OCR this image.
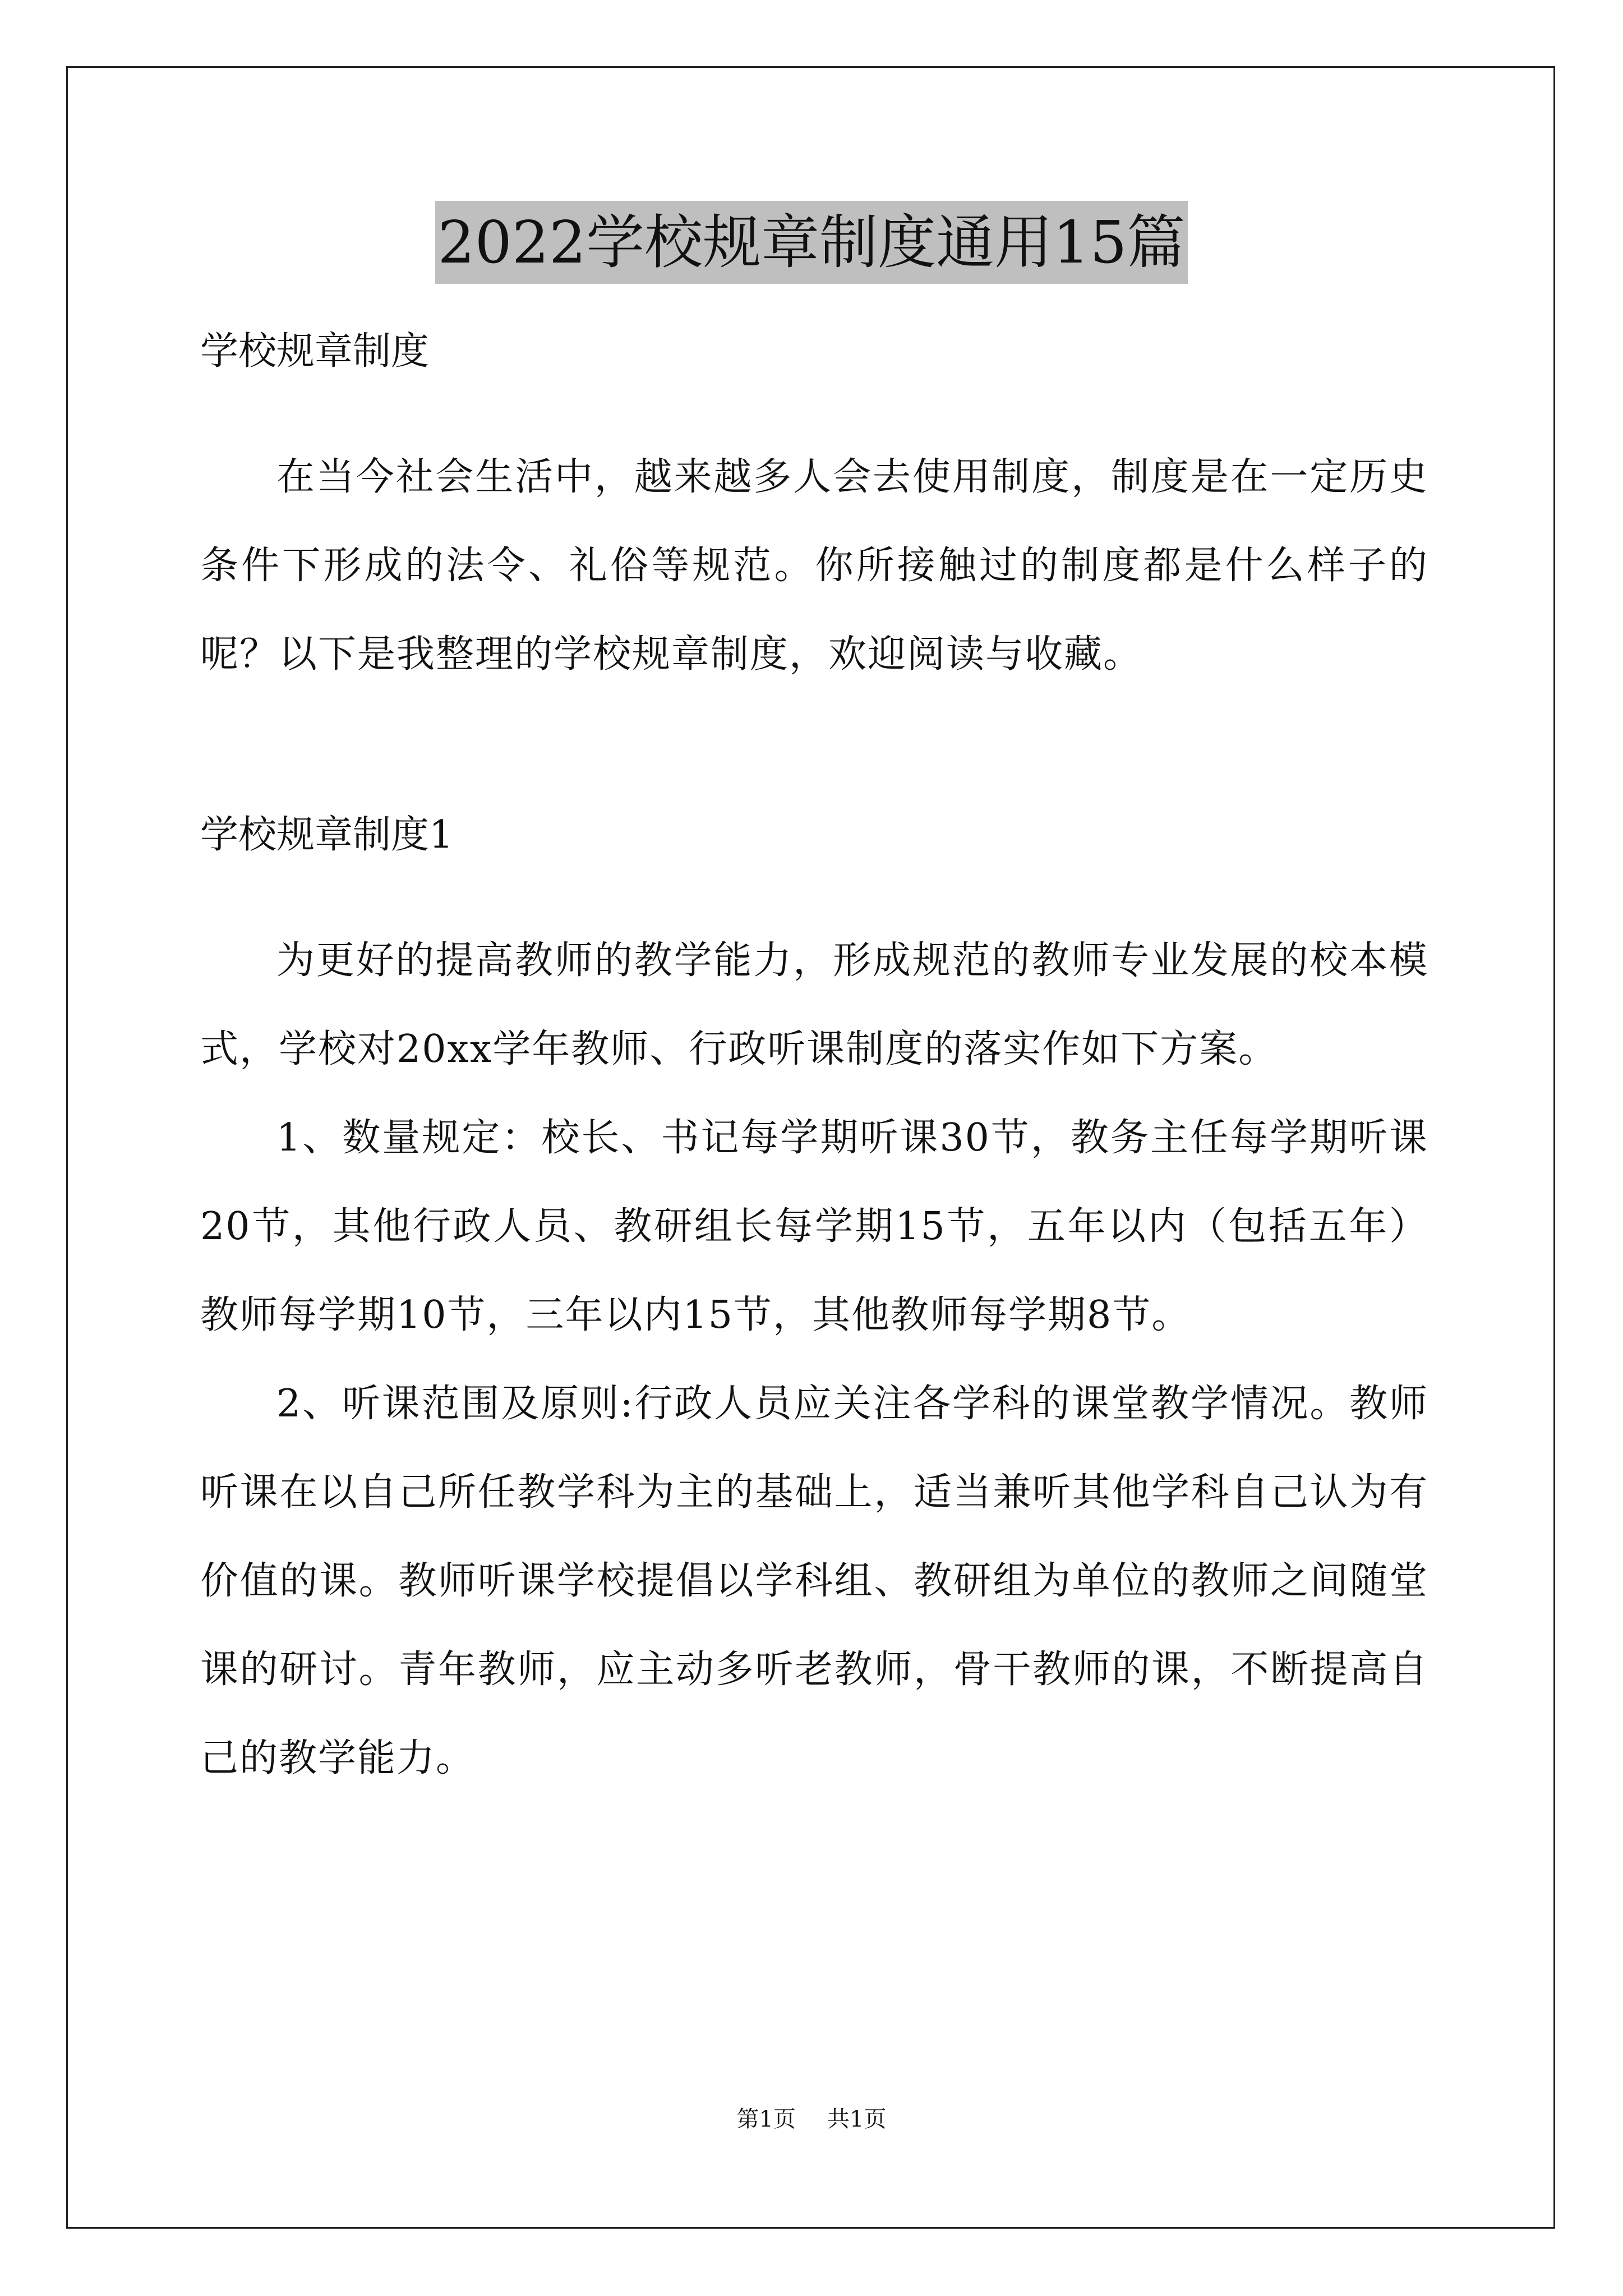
2022学校规章制度通用15篇
学校规章制度
在当今社会生活中，越来越多人会去使用制度，制度是在一定历史条件下形成的法令、礼俗等规范。你所接触过的制度都是什么样子的呢？以下是我整理的学校规章制度，欢迎阅读与收藏。
学校规章制度1
为更好的提高教师的教学能力，形成规范的教师专业发展的校本模式，学校对20xx学年教师、行政听课制度的落实作如下方案。
1、数量规定：校长、书记每学期听课30节，教务主任每学期听课20节，其他行政人员、教研组长每学期15节，五年以内（包括五年）教师每学期10节，三年以内15节，其他教师每学期8节。
2、听课范围及原则:行政人员应关注各学科的课堂教学情况。教师听课在以自己所任教学科为主的基础上，适当兼听其他学科自己认为有价值的课。教师听课学校提倡以学科组、教研组为单位的教师之间随堂课的研讨。青年教师，应主动多听老教师，骨干教师的课，不断提高自己的教学能力。
第1页 共1页
